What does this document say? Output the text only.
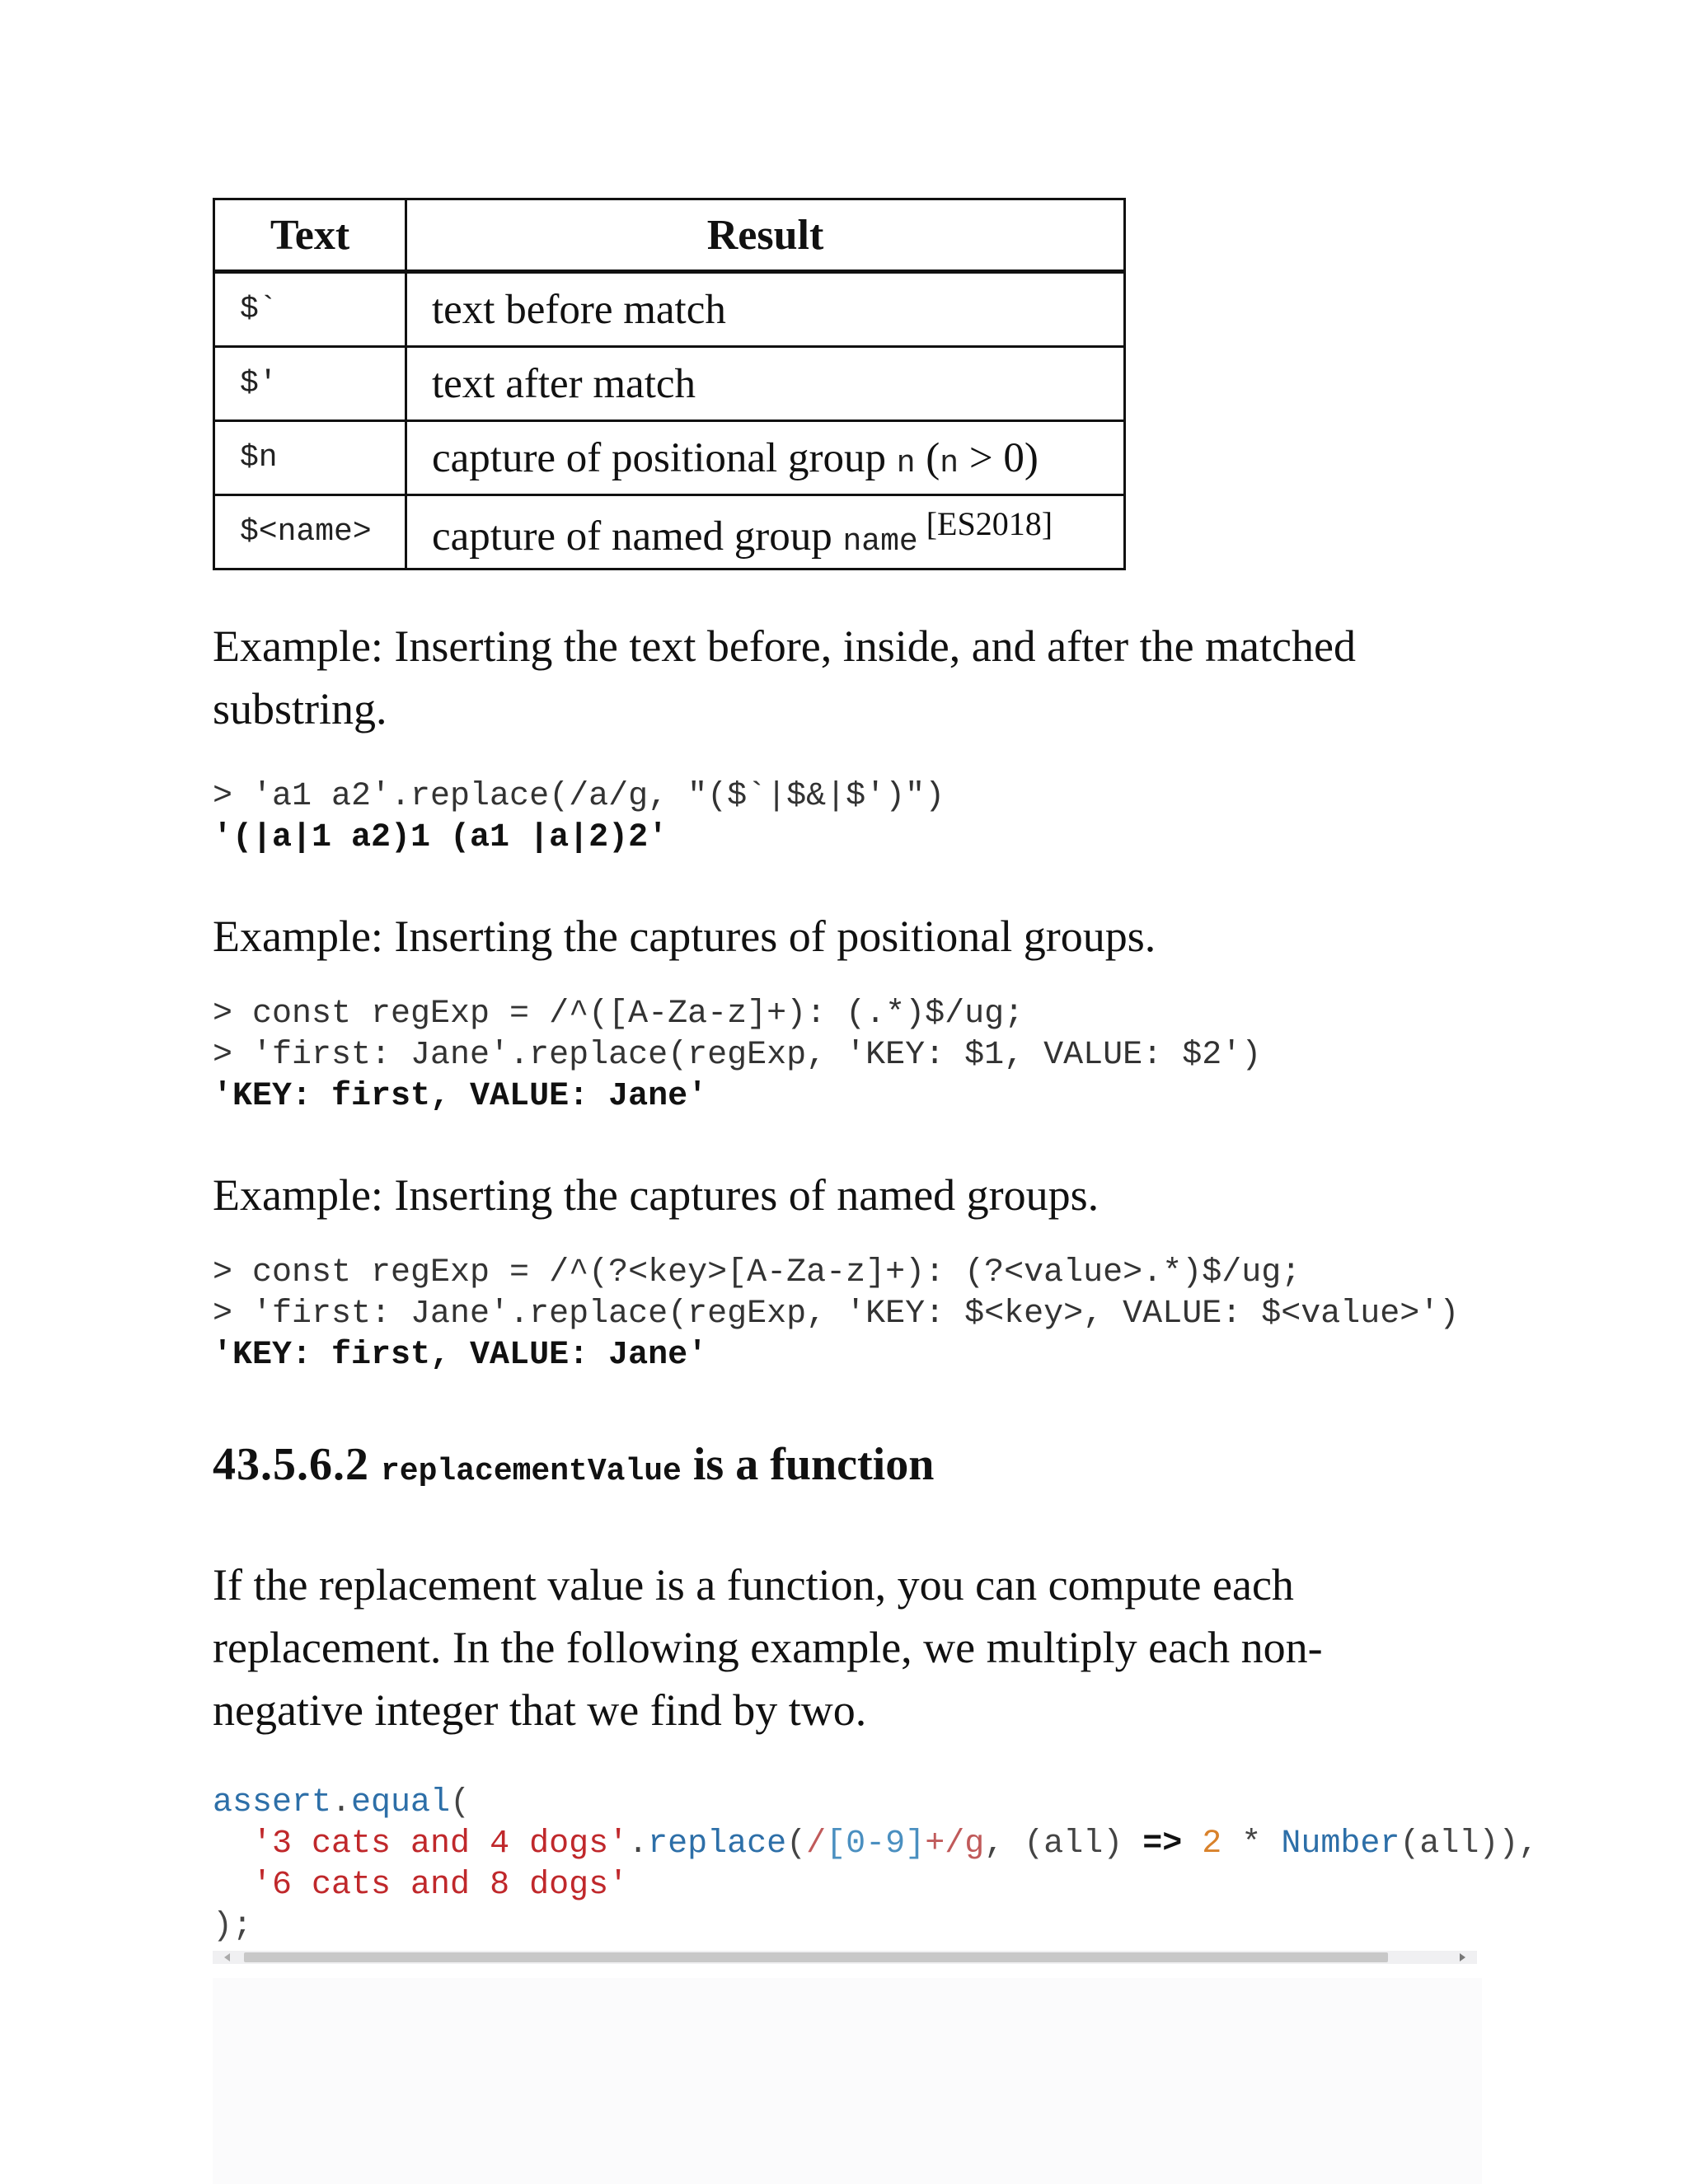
Text	Result
$`	text before match
$'	text after match
$n	capture of positional group n (n > 0)
$<name>	capture of named group name [ES2018]

Example: Inserting the text before, inside, and after the matched
substring.

> 'a1 a2'.replace(/a/g, "($`|$&|$')")
'(|a|1 a2)1 (a1 |a|2)2'

Example: Inserting the captures of positional groups.

> const regExp = /^([A-Za-z]+): (.*)$/ug;
> 'first: Jane'.replace(regExp, 'KEY: $1, VALUE: $2')
'KEY: first, VALUE: Jane'

Example: Inserting the captures of named groups.

> const regExp = /^(?<key>[A-Za-z]+): (?<value>.*)$/ug;
> 'first: Jane'.replace(regExp, 'KEY: $<key>, VALUE: $<value>')
'KEY: first, VALUE: Jane'
43.5.6.2 replacementValue is a function

If the replacement value is a function, you can compute each
replacement. In the following example, we multiply each non-
negative integer that we find by two.

assert.equal(
'3 cats and 4 dogs'.replace(/[0-9]+/g, (all) => 2 * Number(all)),
'6 cats and 8 dogs'
);
